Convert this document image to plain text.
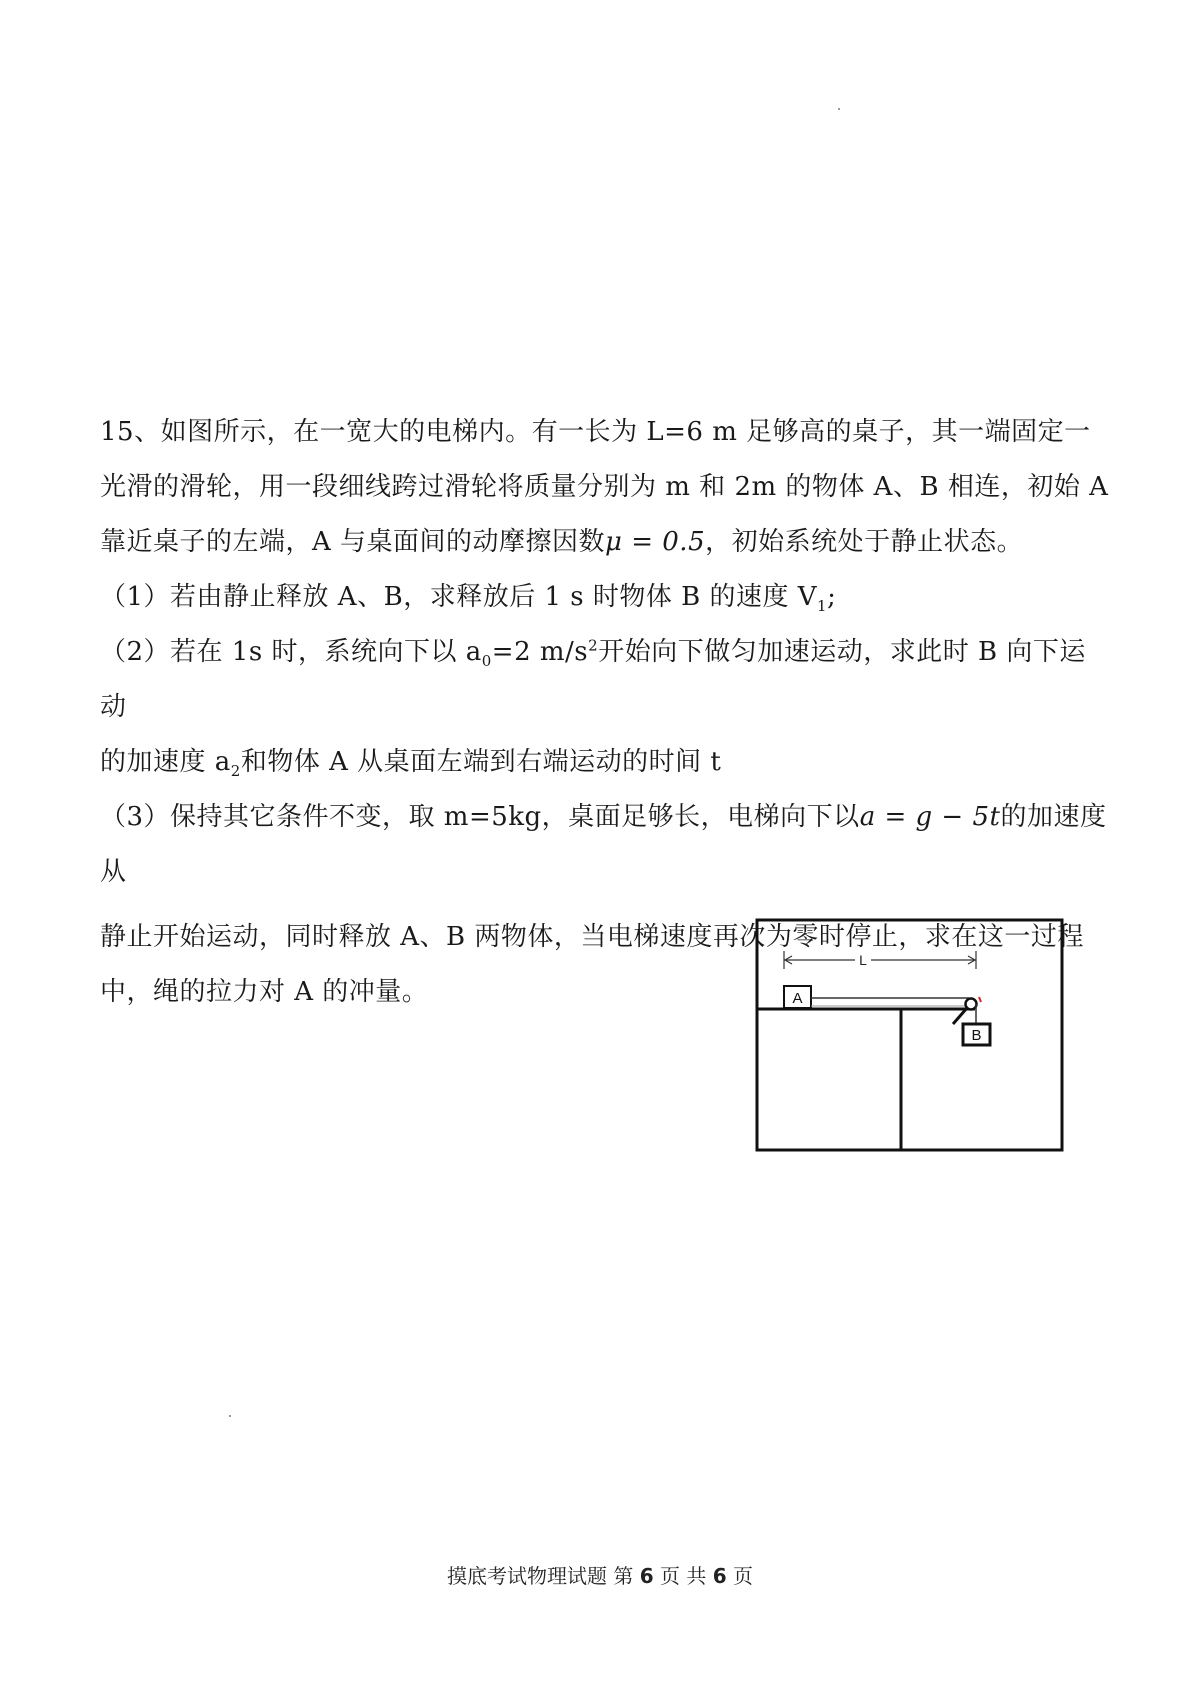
15、如图所示，在一宽大的电梯内。有一长为 L=6 m 足够高的桌子，其一端固定一
光滑的滑轮，用一段细线跨过滑轮将质量分别为 m 和 2m 的物体 A、B 相连，初始 A
靠近桌子的左端，A 与桌面间的动摩擦因数μ = 0.5，初始系统处于静止状态。

（1）若由静止释放 A、B，求释放后 1 s 时物体 B 的速度 $V_1$;

（2）若在 1s 时，系统向下以 $a_0=2$ $m/s^2$开始向下做匀加速运动，求此时 B 向下运动
的加速度 $a_2$和物体 A 从桌面左端到右端运动的时间 t

（3）保持其它条件不变，取 m=5kg，桌面足够长，电梯向下以a = g − 5t的加速度从
静止开始运动，同时释放 A、B 两物体，当电梯速度再次为零时停止，求在这一过程
中，绳的拉力对 A 的冲量。

L
A
B
摸底考试物理试题 第 6 页 共 6 页
